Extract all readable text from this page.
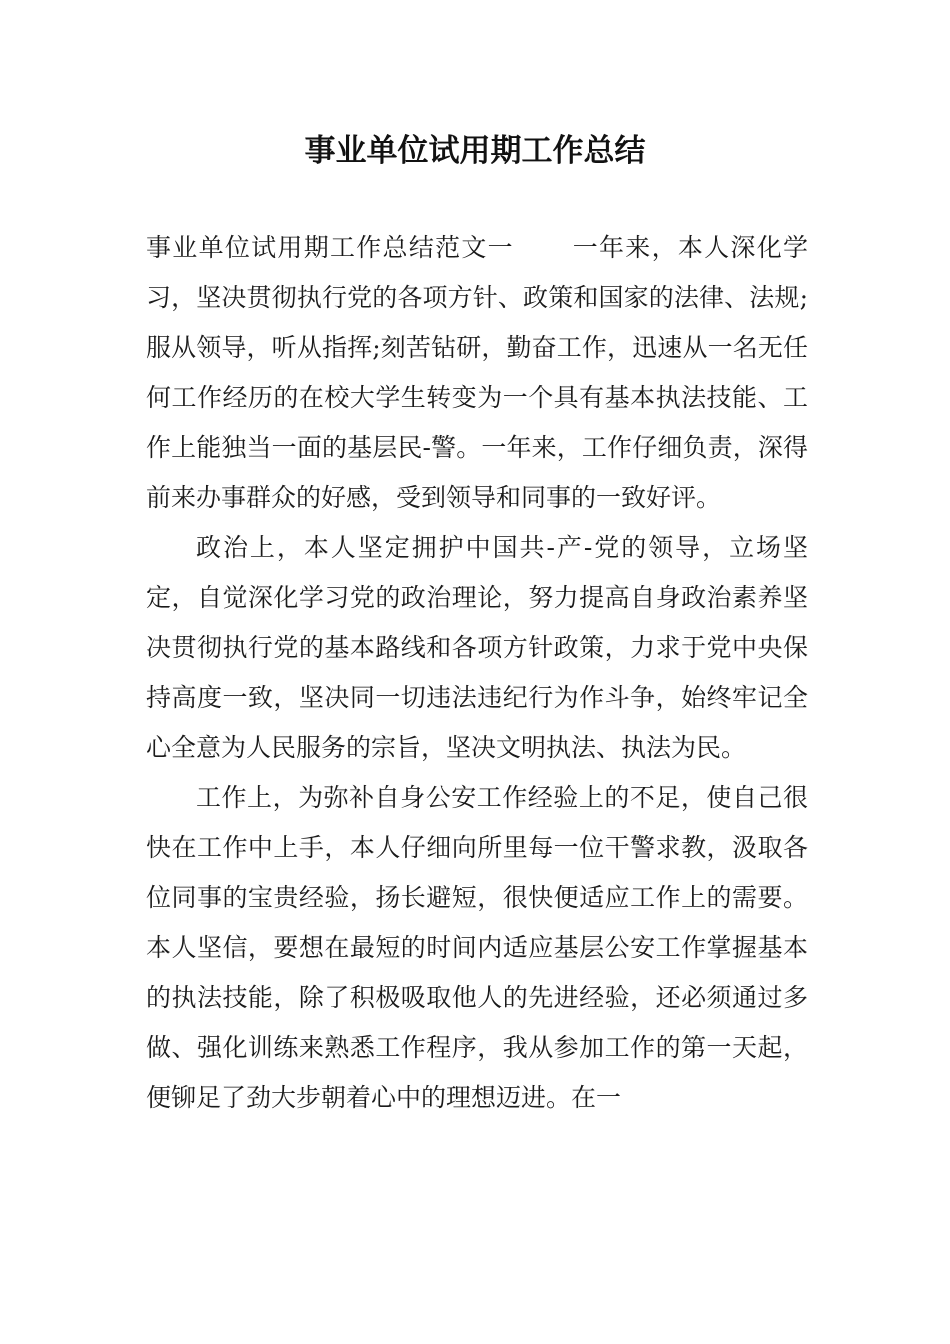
事业单位试用期工作总结

事业单位试用期工作总结范文一 一年来，本人深化学习，坚决贯彻执行党的各项方针、政策和国家的法律、法规;服从领导，听从指挥;刻苦钻研，勤奋工作，迅速从一名无任何工作经历的在校大学生转变为一个具有基本执法技能、工作上能独当一面的基层民-警。一年来，工作仔细负责，深得前来办事群众的好感，受到领导和同事的一致好评。

政治上，本人坚定拥护中国共-产-党的领导，立场坚定，自觉深化学习党的政治理论，努力提高自身政治素养坚决贯彻执行党的基本路线和各项方针政策，力求于党中央保持高度一致，坚决同一切违法违纪行为作斗争，始终牢记全心全意为人民服务的宗旨，坚决文明执法、执法为民。

工作上，为弥补自身公安工作经验上的不足，使自己很快在工作中上手，本人仔细向所里每一位干警求教，汲取各位同事的宝贵经验，扬长避短，很快便适应工作上的需要。本人坚信，要想在最短的时间内适应基层公安工作掌握基本的执法技能，除了积极吸取他人的先进经验，还必须通过多做、强化训练来熟悉工作程序，我从参加工作的第一天起，便铆足了劲大步朝着心中的理想迈进。在一
